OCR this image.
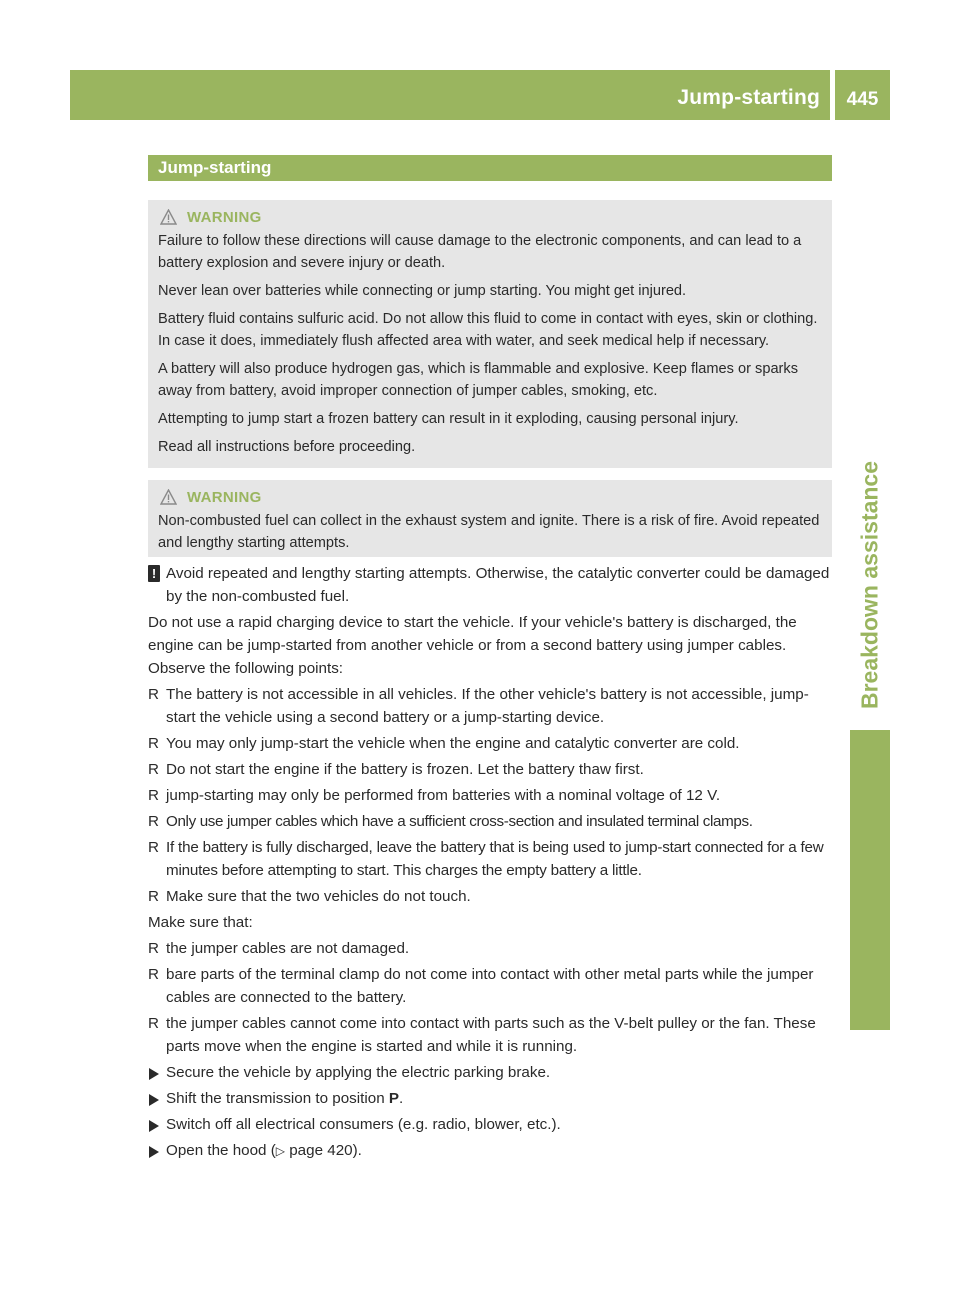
Jump-starting	445
Breakdown assistance
Jump-starting
WARNING

Failure to follow these directions will cause damage to the electronic components, and can lead to a battery explosion and severe injury or death.

Never lean over batteries while connecting or jump starting. You might get injured.

Battery fluid contains sulfuric acid. Do not allow this fluid to come in contact with eyes, skin or clothing. In case it does, immediately flush affected area with water, and seek medical help if necessary.

A battery will also produce hydrogen gas, which is flammable and explosive. Keep flames or sparks away from battery, avoid improper connection of jumper cables, smoking, etc.

Attempting to jump start a frozen battery can result in it exploding, causing personal injury.

Read all instructions before proceeding.

WARNING

Non-combusted fuel can collect in the exhaust system and ignite. There is a risk of fire. Avoid repeated and lengthy starting attempts.

! Avoid repeated and lengthy starting attempts. Otherwise, the catalytic converter could be damaged by the non-combusted fuel.

Do not use a rapid charging device to start the vehicle. If your vehicle's battery is discharged, the engine can be jump-started from another vehicle or from a second battery using jumper cables. Observe the following points:

R The battery is not accessible in all vehicles. If the other vehicle's battery is not accessible, jump-start the vehicle using a second battery or a jump-starting device.
R You may only jump-start the vehicle when the engine and catalytic converter are cold.
R Do not start the engine if the battery is frozen. Let the battery thaw first.
R jump-starting may only be performed from batteries with a nominal voltage of 12 V.
R Only use jumper cables which have a sufficient cross-section and insulated terminal clamps.
R If the battery is fully discharged, leave the battery that is being used to jump-start connected for a few minutes before attempting to start. This charges the empty battery a little.
R Make sure that the two vehicles do not touch.

Make sure that:

R the jumper cables are not damaged.
R bare parts of the terminal clamp do not come into contact with other metal parts while the jumper cables are connected to the battery.
R the jumper cables cannot come into contact with parts such as the V-belt pulley or the fan. These parts move when the engine is started and while it is running.
Secure the vehicle by applying the electric parking brake.
Shift the transmission to position P.
Switch off all electrical consumers (e.g. radio, blower, etc.).
Open the hood (▷ page 420).
